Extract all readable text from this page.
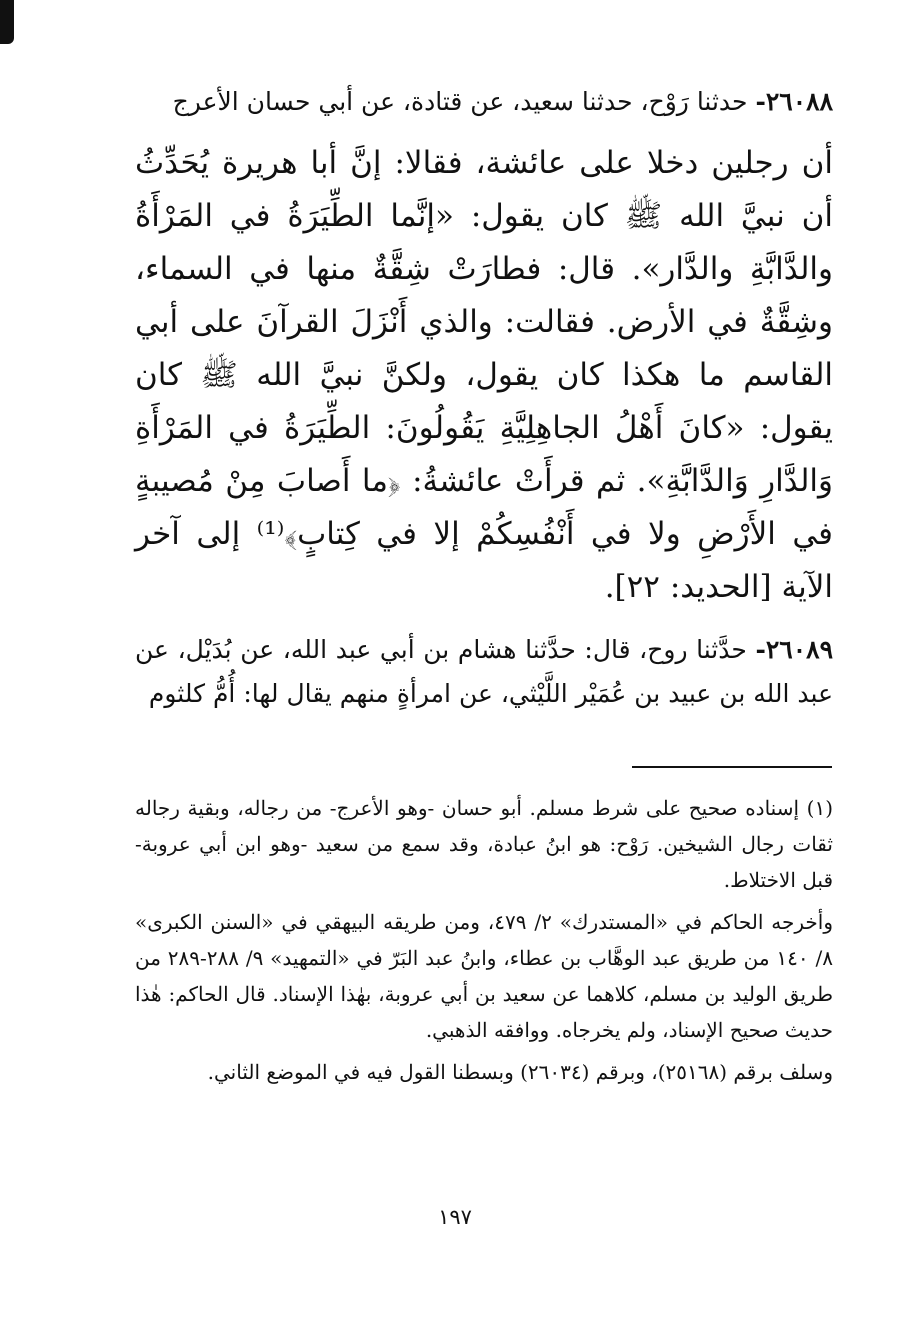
٢٦٠٨٨- حدثنا رَوْح، حدثنا سعيد، عن قتادة، عن أبي حسان الأعرج

أن رجلين دخلا على عائشة، فقالا: إنَّ أبا هريرة يُحَدِّثُ أن نبيَّ الله ﷺ كان يقول: «إنَّما الطِّيَرَةُ في المَرْأَةُ والدَّابَّةِ والدَّار». قال: فطارَتْ شِقَّةٌ منها في السماء، وشِقَّةٌ في الأرض. فقالت: والذي أَنْزَلَ القرآنَ على أبي القاسم ما هكذا كان يقول، ولكنَّ نبيَّ الله ﷺ كان يقول: «كانَ أَهْلُ الجاهِلِيَّةِ يَقُولُونَ: الطِّيَرَةُ في المَرْأَةِ وَالدَّارِ وَالدَّابَّةِ». ثم قرأَتْ عائشةُ: ﴿ما أَصابَ مِنْ مُصيبةٍ في الأَرْضِ ولا في أَنْفُسِكُمْ إلا في كِتابٍ﴾⁽¹⁾ إلى آخر الآية [الحديد: ٢٢].

٢٦٠٨٩- حدَّثنا روح، قال: حدَّثنا هشام بن أبي عبد الله، عن بُدَيْل، عن عبد الله بن عبيد بن عُمَيْر اللَّيْثي، عن امرأةٍ منهم يقال لها: أُمُّ كلثوم

(١) إسناده صحيح على شرط مسلم. أبو حسان -وهو الأعرج- من رجاله، وبقية رجاله ثقات رجال الشيخين. رَوْح: هو ابنُ عبادة، وقد سمع من سعيد -وهو ابن أبي عروبة- قبل الاختلاط.

وأخرجه الحاكم في «المستدرك» ٢/ ٤٧٩، ومن طريقه البيهقي في «السنن الكبرى» ٨/ ١٤٠ من طريق عبد الوهَّاب بن عطاء، وابنُ عبد البَرّ في «التمهيد» ٩/ ٢٨٨-٢٨٩ من طريق الوليد بن مسلم، كلاهما عن سعيد بن أبي عروبة، بهٰذا الإسناد. قال الحاكم: هٰذا حديث صحيح الإسناد، ولم يخرجاه. ووافقه الذهبي.

وسلف برقم (٢٥١٦٨)، وبرقم (٢٦٠٣٤) وبسطنا القول فيه في الموضع الثاني.

١٩٧
